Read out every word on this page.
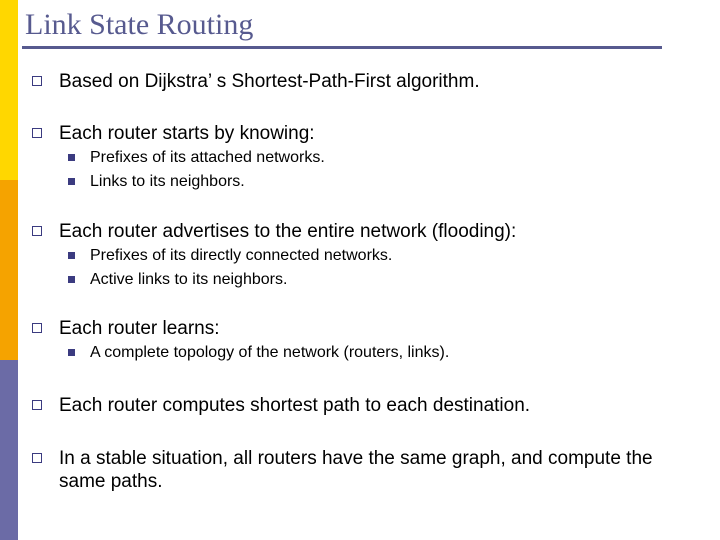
Link State Routing
Based on Dijkstra’ s Shortest-Path-First algorithm.
Each router starts by knowing:
Prefixes of its attached networks.
Links to its neighbors.
Each router advertises to the entire network (flooding):
Prefixes of its directly connected networks.
Active links to its neighbors.
Each router learns:
A complete topology of the network (routers, links).
Each router computes shortest path to each destination.
In a stable situation, all routers have the same graph, and compute the same paths.
